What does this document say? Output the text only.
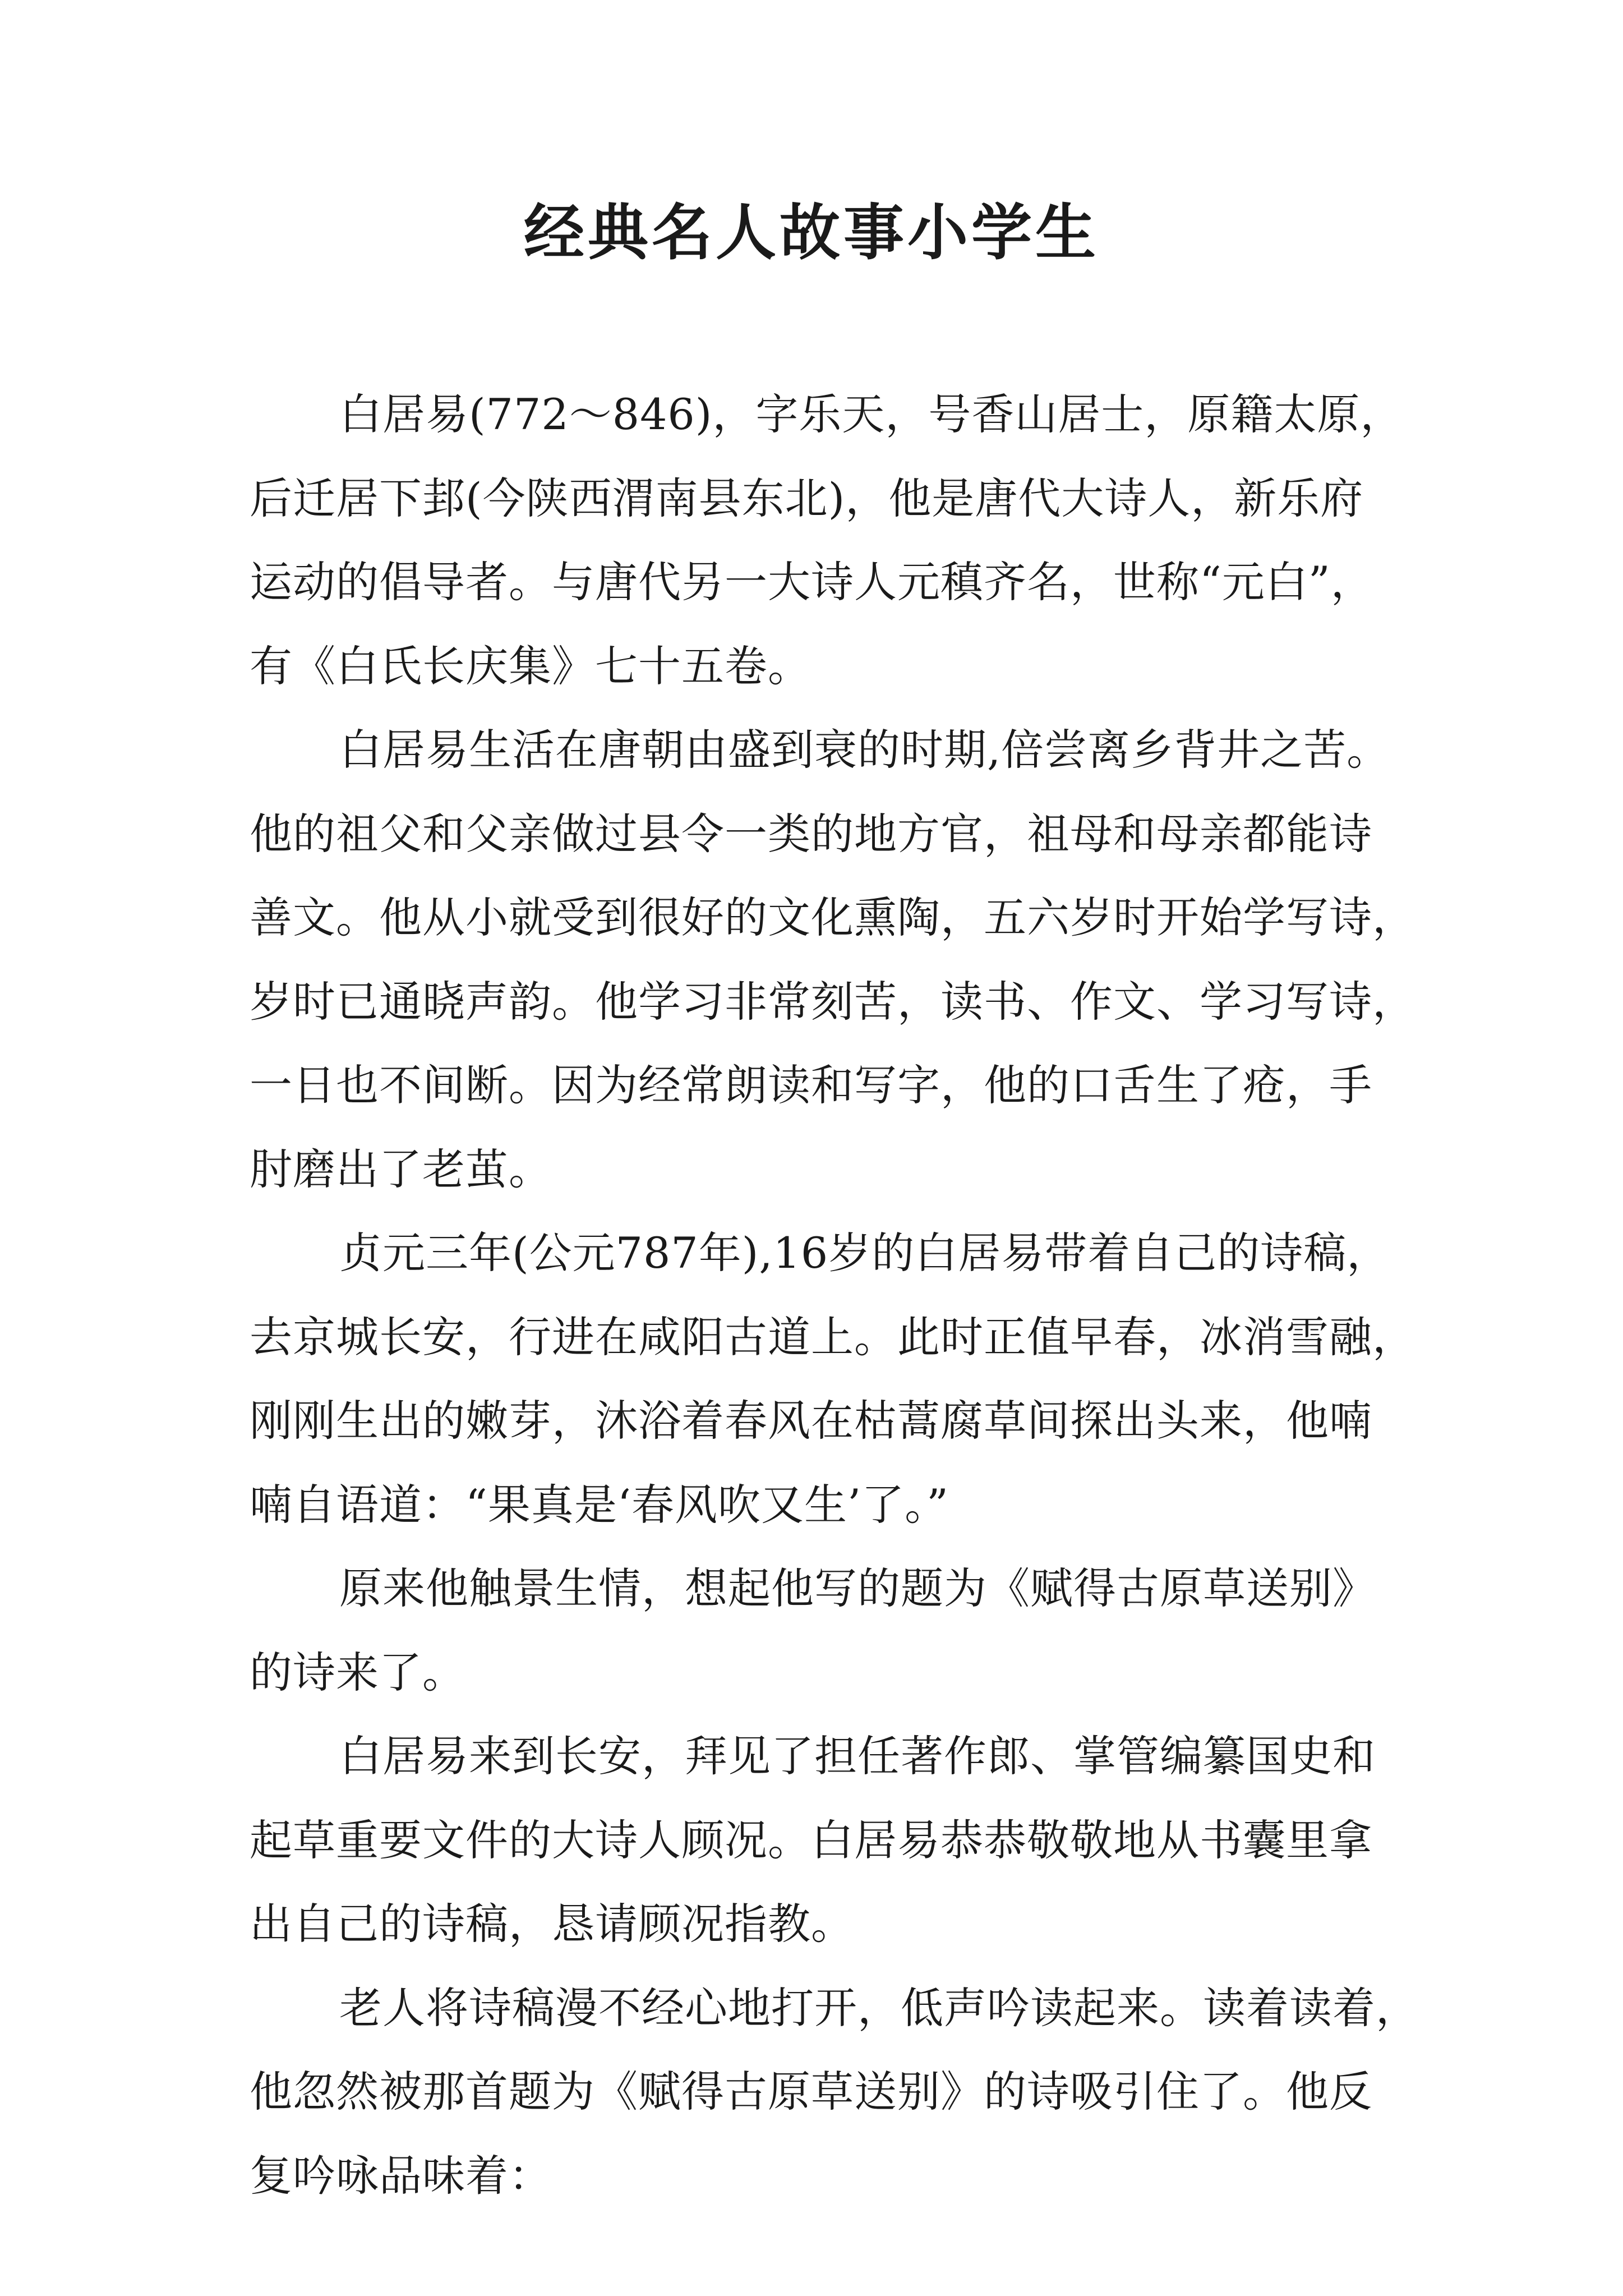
经典名人故事小学生

白居易(772～846)，字乐天，号香山居士，原籍太原，
后迁居下邽(今陕西渭南县东北)，他是唐代大诗人，新乐府
运动的倡导者。与唐代另一大诗人元稹齐名，世称“元白”，
有《白氏长庆集》七十五卷。

白居易生活在唐朝由盛到衰的时期,倍尝离乡背井之苦。
他的祖父和父亲做过县令一类的地方官，祖母和母亲都能诗
善文。他从小就受到很好的文化熏陶，五六岁时开始学写诗，
岁时已通晓声韵。他学习非常刻苦，读书、作文、学习写诗，
一日也不间断。因为经常朗读和写字，他的口舌生了疮，手
肘磨出了老茧。

贞元三年(公元787年),16岁的白居易带着自己的诗稿，
去京城长安，行进在咸阳古道上。此时正值早春，冰消雪融，
刚刚生出的嫩芽，沐浴着春风在枯蒿腐草间探出头来，他喃
喃自语道：“果真是‘春风吹又生’了。”

原来他触景生情，想起他写的题为《赋得古原草送别》
的诗来了。

白居易来到长安，拜见了担任著作郎、掌管编纂国史和
起草重要文件的大诗人顾况。白居易恭恭敬敬地从书囊里拿
出自己的诗稿，恳请顾况指教。

老人将诗稿漫不经心地打开，低声吟读起来。读着读着，
他忽然被那首题为《赋得古原草送别》的诗吸引住了。他反
复吟咏品味着：
